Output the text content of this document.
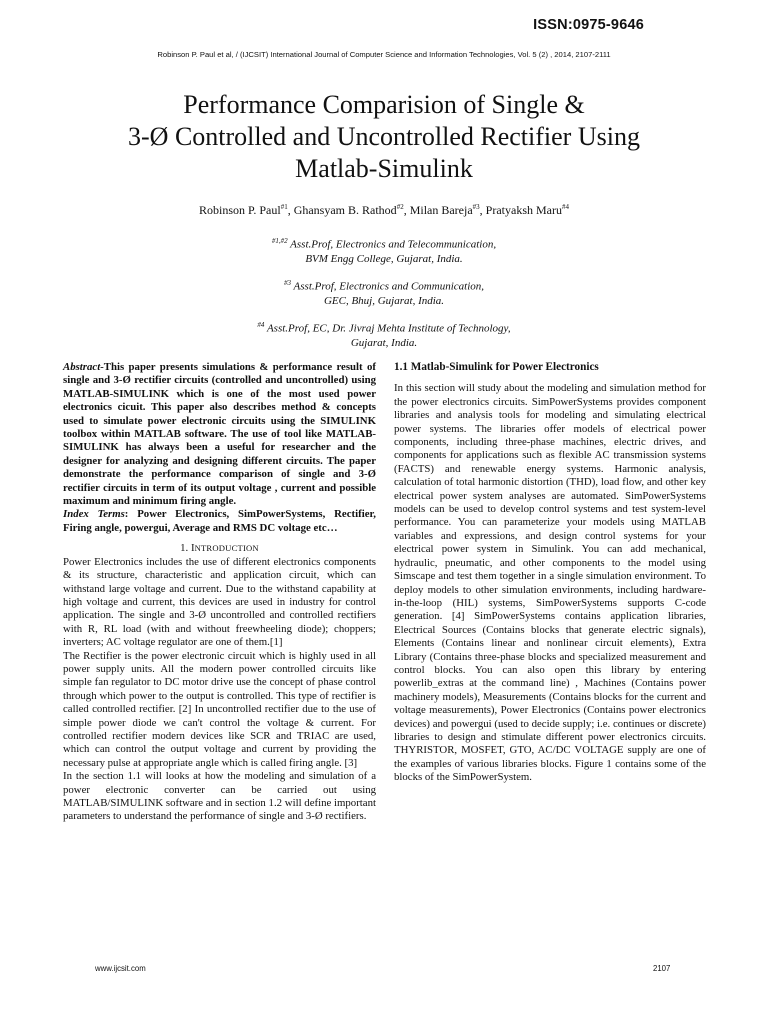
ISSN:0975-9646
Robinson P. Paul et al, / (IJCSIT) International Journal of Computer Science and Information Technologies, Vol. 5 (2) , 2014, 2107-2111
Performance Comparision of Single &
3-Ø Controlled and Uncontrolled Rectifier Using
Matlab-Simulink
Robinson P. Paul$^{\#1}$, Ghansyam B. Rathod$^{\#2}$, Milan Bareja$^{\#3}$, Pratyaksh Maru$^{\#4}$
$^{\#1,\#2}$ Asst.Prof, Electronics and Telecommunication,
BVM Engg College, Gujarat, India.
$^{\#3}$ Asst.Prof, Electronics and Communication,
GEC, Bhuj, Gujarat, India.
$^{\#4}$ Asst.Prof, EC, Dr. Jivraj Mehta Institute of Technology,
Gujarat, India.

Abstract-This paper presents simulations & performance result of single and 3-Ø rectifier circuits (controlled and uncontrolled) using MATLAB-SIMULINK which is one of the most used power electronics cicuit. This paper also describes method & concepts used to simulate power electronic circuits using the SIMULINK toolbox within MATLAB software. The use of tool like MATLAB-SIMULINK has always been a useful for researcher and the designer for analyzing and designing different circuits. The paper demonstrate the performance comparison of single and 3-Ø rectifier circuits in term of its output voltage , current and possible maximum and minimum firing angle.

Index Terms: Power Electronics, SimPowerSystems, Rectifier, Firing angle, powergui, Average and RMS DC voltage etc…

1. INTRODUCTION

Power Electronics includes the use of different electronics components & its structure, characteristic and application circuit, which can withstand large voltage and current. Due to the withstand capability at high voltage and current, this devices are used in industry for control application. The single and 3-Ø uncontrolled and controlled rectifiers with R, RL load (with and without freewheeling diode); choppers; inverters; AC voltage regulator are one of them.[1]

The Rectifier is the power electronic circuit which is highly used in all power supply units. All the modern power controlled circuits like simple fan regulator to DC motor drive use the concept of phase control through which power to the output is controlled. This type of rectifier is called controlled rectifier. [2] In uncontrolled rectifier due to the use of simple power diode we can't control the voltage & current. For controlled rectifier modern devices like SCR and TRIAC are used, which can control the output voltage and current by providing the necessary pulse at appropriate angle which is called firing angle. [3]

In the section 1.1 will looks at how the modeling and simulation of a power electronic converter can be carried out using MATLAB/SIMULINK software and in section 1.2 will define important parameters to understand the performance of single and 3-Ø rectifiers.

1.1 Matlab-Simulink for Power Electronics

In this section will study about the modeling and simulation method for the power electronics circuits. SimPowerSystems provides component libraries and analysis tools for modeling and simulating electrical power systems. The libraries offer models of electrical power components, including three-phase machines, electric drives, and components for applications such as flexible AC transmission systems (FACTS) and renewable energy systems. Harmonic analysis, calculation of total harmonic distortion (THD), load flow, and other key electrical power system analyses are automated. SimPowerSystems models can be used to develop control systems and test system-level performance. You can parameterize your models using MATLAB variables and expressions, and design control systems for your electrical power system in Simulink. You can add mechanical, hydraulic, pneumatic, and other components to the model using Simscape and test them together in a single simulation environment. To deploy models to other simulation environments, including hardware-in-the-loop (HIL) systems, SimPowerSystems supports C-code generation. [4] SimPowerSystems contains application libraries, Electrical Sources (Contains blocks that generate electric signals), Elements (Contains linear and nonlinear circuit elements), Extra Library (Contains three-phase blocks and specialized measurement and control blocks. You can also open this library by entering powerlib_extras at the command line) , Machines (Contains power machinery models), Measurements (Contains blocks for the current and voltage measurements), Power Electronics (Contains power electronics devices) and powergui (used to decide supply; i.e. continues or discrete) libraries to design and stimulate different power electronics circuits. THYRISTOR, MOSFET, GTO, AC/DC VOLTAGE supply are one of the examples of various libraries blocks. Figure 1 contains some of the blocks of the SimPowerSystem.

www.ijcsit.com	2107
